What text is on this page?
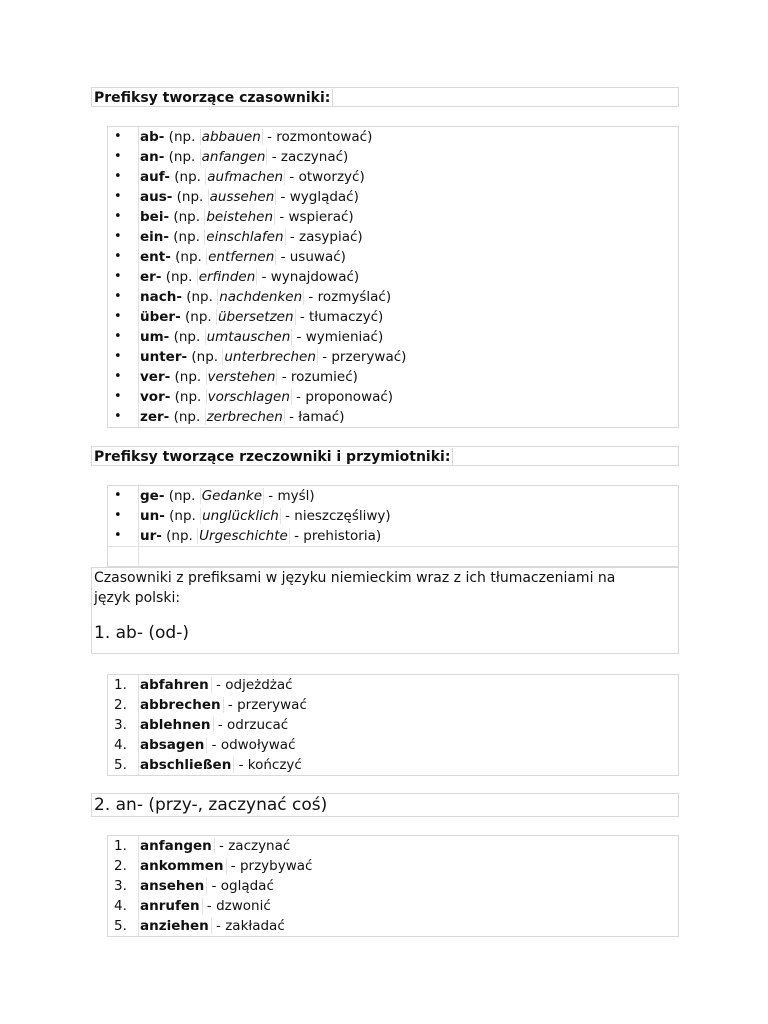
Prefiksy tworzące czasowniki:
• ab- (np. abbauen - rozmontować)
• an- (np. anfangen - zaczynać)
• auf- (np. aufmachen - otworzyć)
• aus- (np. aussehen - wyglądać)
• bei- (np. beistehen - wspierać)
• ein- (np. einschlafen - zasypiać)
• ent- (np. entfernen - usuwać)
• er- (np. erfinden - wynajdować)
• nach- (np. nachdenken - rozmyślać)
• über- (np. übersetzen - tłumaczyć)
• um- (np. umtauschen - wymieniać)
• unter- (np. unterbrechen - przerywać)
• ver- (np. verstehen - rozumieć)
• vor- (np. vorschlagen - proponować)
• zer- (np. zerbrechen - łamać)
Prefiksy tworzące rzeczowniki i przymiotniki:
• ge- (np. Gedanke - myśl)
• un- (np. unglücklich - nieszczęśliwy)
• ur- (np. Urgeschichte - prehistoria)
Czasowniki z prefiksami w języku niemieckim wraz z ich tłumaczeniami na język polski:
1. ab- (od-)
1. abfahren - odjeżdżać
2. abbrechen - przerywać
3. ablehnen - odrzucać
4. absagen - odwoływać
5. abschließen - kończyć
2. an- (przy-, zaczynać coś)
1. anfangen - zaczynać
2. ankommen - przybywać
3. ansehen - oglądać
4. anrufen - dzwonić
5. anziehen - zakładać
